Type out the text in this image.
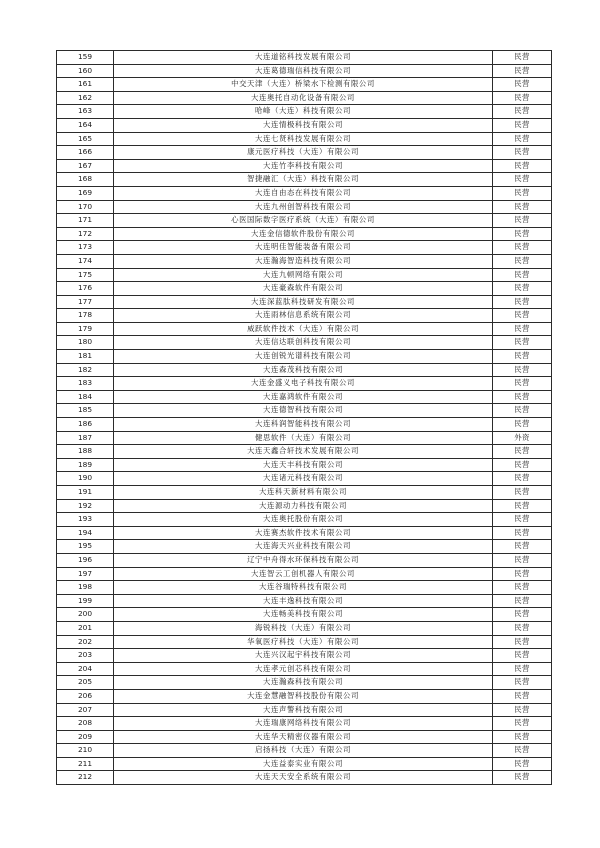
159	大连道铭科技发展有限公司	民营
160	大连葛德瑞信科技有限公司	民营
161	中交天津（大连）桥梁水下检测有限公司	民营
162	大连奥托自动化设备有限公司	民营
163	哈峰（大连）科技有限公司	民营
164	大连情极科技有限公司	民营
165	大连七贤科技发展有限公司	民营
166	康元医疗科技（大连）有限公司	民营
167	大连竹李科技有限公司	民营
168	智捷融汇（大连）科技有限公司	民营
169	大连自由态在科技有限公司	民营
170	大连九州创智科技有限公司	民营
171	心医国际数字医疗系统（大连）有限公司	民营
172	大连金信德软件股份有限公司	民营
173	大连明佳智能装备有限公司	民营
174	大连瀚海智造科技有限公司	民营
175	大连九顿网络有限公司	民营
176	大连豪森软件有限公司	民营
177	大连深蓝肽科技研发有限公司	民营
178	大连雨林信息系统有限公司	民营
179	威跃软件技术（大连）有限公司	民营
180	大连信达联创科技有限公司	民营
181	大连创锐光谱科技有限公司	民营
182	大连森茂科技有限公司	民营
183	大连金盛义电子科技有限公司	民营
184	大连嘉鸿软件有限公司	民营
185	大连德智科技有限公司	民营
186	大连科润智能科技有限公司	民营
187	健思软件（大连）有限公司	外资
188	大连天鑫合轩技术发展有限公司	民营
189	大连天丰科技有限公司	民营
190	大连诸元科技有限公司	民营
191	大连科天新材料有限公司	民营
192	大连源动力科技有限公司	民营
193	大连奥托股份有限公司	民营
194	大连赛杰软件技术有限公司	民营
195	大连海天兴业科技有限公司	民营
196	辽宁中舟得水环保科技有限公司	民营
197	大连智云工创机器人有限公司	民营
198	大连谷瑞特科技有限公司	民营
199	大连丰逸科技有限公司	民营
200	大连畅美科技有限公司	民营
201	海锐科技（大连）有限公司	民营
202	华氧医疗科技（大连）有限公司	民营
203	大连兴汉起宇科技有限公司	民营
204	大连孝元创芯科技有限公司	民营
205	大连瀚森科技有限公司	民营
206	大连金慧融智科技股份有限公司	民营
207	大连声警科技有限公司	民营
208	大连瑞康网络科技有限公司	民营
209	大连华天精密仪器有限公司	民营
210	启扬科技（大连）有限公司	民营
211	大连益泰实业有限公司	民营
212	大连天天安全系统有限公司	民营
